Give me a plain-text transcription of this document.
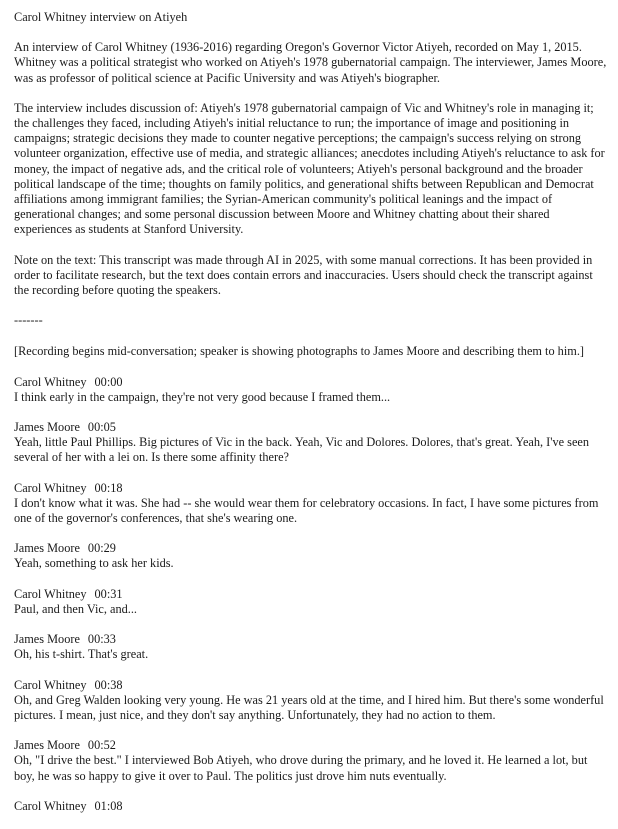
Carol Whitney interview on Atiyeh

An interview of Carol Whitney (1936-2016) regarding Oregon's Governor Victor Atiyeh, recorded on May 1, 2015. Whitney was a political strategist who worked on Atiyeh's 1978 gubernatorial campaign. The interviewer, James Moore, was as professor of political science at Pacific University and was Atiyeh's biographer.

The interview includes discussion of: Atiyeh's 1978 gubernatorial campaign of Vic and Whitney's role in managing it; the challenges they faced, including Atiyeh's initial reluctance to run; the importance of image and positioning in campaigns; strategic decisions they made to counter negative perceptions; the campaign's success relying on strong volunteer organization, effective use of media, and strategic alliances; anecdotes including Atiyeh's reluctance to ask for money, the impact of negative ads, and the critical role of volunteers; Atiyeh's personal background and the broader political landscape of the time; thoughts on family politics, and generational shifts between Republican and Democrat affiliations among immigrant families; the Syrian-American community's political leanings and the impact of generational changes; and some personal discussion between Moore and Whitney chatting about their shared experiences as students at Stanford University.

Note on the text: This transcript was made through AI in 2025, with some manual corrections. It has been provided in order to facilitate research, but the text does contain errors and inaccuracies. Users should check the transcript against the recording before quoting the speakers.

-------

[Recording begins mid-conversation; speaker is showing photographs to James Moore and describing them to him.]

Carol Whitney 00:00
I think early in the campaign, they're not very good because I framed them...
James Moore 00:05
Yeah, little Paul Phillips. Big pictures of Vic in the back. Yeah, Vic and Dolores. Dolores, that's great. Yeah, I've seen several of her with a lei on. Is there some affinity there?
Carol Whitney 00:18
I don't know what it was. She had -- she would wear them for celebratory occasions. In fact, I have some pictures from one of the governor's conferences, that she's wearing one.
James Moore 00:29
Yeah, something to ask her kids.
Carol Whitney 00:31
Paul, and then Vic, and...
James Moore 00:33
Oh, his t-shirt. That's great.
Carol Whitney 00:38
Oh, and Greg Walden looking very young. He was 21 years old at the time, and I hired him. But there's some wonderful pictures. I mean, just nice, and they don't say anything. Unfortunately, they had no action to them.
James Moore 00:52
Oh, "I drive the best." I interviewed Bob Atiyeh, who drove during the primary, and he loved it. He learned a lot, but boy, he was so happy to give it over to Paul. The politics just drove him nuts eventually.
Carol Whitney 01:08
